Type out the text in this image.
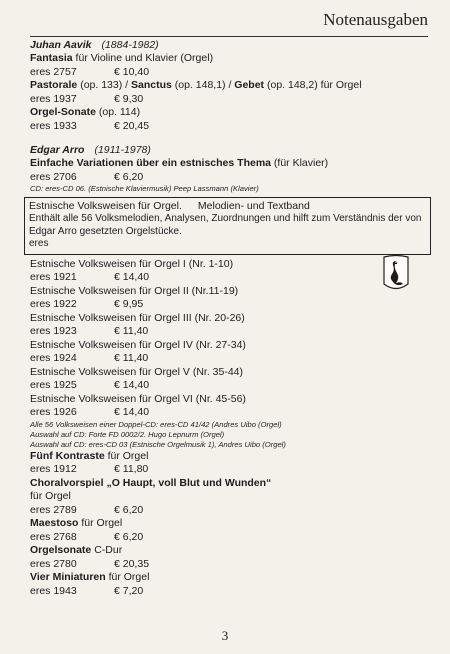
Notenausgaben
Juhan Aavik (1884-1982)
Fantasia für Violine und Klavier (Orgel)
eres 2757	€ 10,40
Pastorale (op. 133) / Sanctus (op. 148,1) / Gebet (op. 148,2) für Orgel
eres 1937	€ 9,30
Orgel-Sonate (op. 114)
eres 1933	€ 20,45
Edgar Arro (1911-1978)
Einfache Variationen über ein estnisches Thema (für Klavier)
eres 2706	€ 6,20
CD: eres-CD 06. (Estnische Klaviermusik) Peep Lassmann (Klavier)
Estnische Volksweisen für Orgel. Melodien- und Textband
Enthält alle 56 Volksmelodien, Analysen, Zuordnungen und hilft zum Verständnis der von Edgar Arro gesetzten Orgelstücke.
eres
Estnische Volksweisen für Orgel I (Nr. 1-10)
eres 1921	€ 14,40
Estnische Volksweisen für Orgel II (Nr.11-19)
eres 1922	€ 9,95
Estnische Volksweisen für Orgel III (Nr. 20-26)
eres 1923	€ 11,40
Estnische Volksweisen für Orgel IV (Nr. 27-34)
eres 1924	€ 11,40
Estnische Volksweisen für Orgel V (Nr. 35-44)
eres 1925	€ 14,40
Estnische Volksweisen für Orgel VI (Nr. 45-56)
eres 1926	€ 14,40
Alle 56 Volksweisen einer Doppel-CD: eres-CD 41/42 (Andres Uibo (Orgel)
Auswahl auf CD: Forte FD 0002/2. Hugo Lepnurm (Orgel)
Auswahl auf CD: eres-CD 03 (Estnische Orgelmusik 1), Andres Uibo (Orgel)
Fünf Kontraste für Orgel
eres 1912	€ 11,80
Choralvorspiel „O Haupt, voll Blut und Wunden“
für Orgel
eres 2789	€ 6,20
Maestoso für Orgel
eres 2768	€ 6,20
Orgelsonate C-Dur
eres 2780	€ 20,35
Vier Miniaturen für Orgel
eres 1943	€ 7,20
3
